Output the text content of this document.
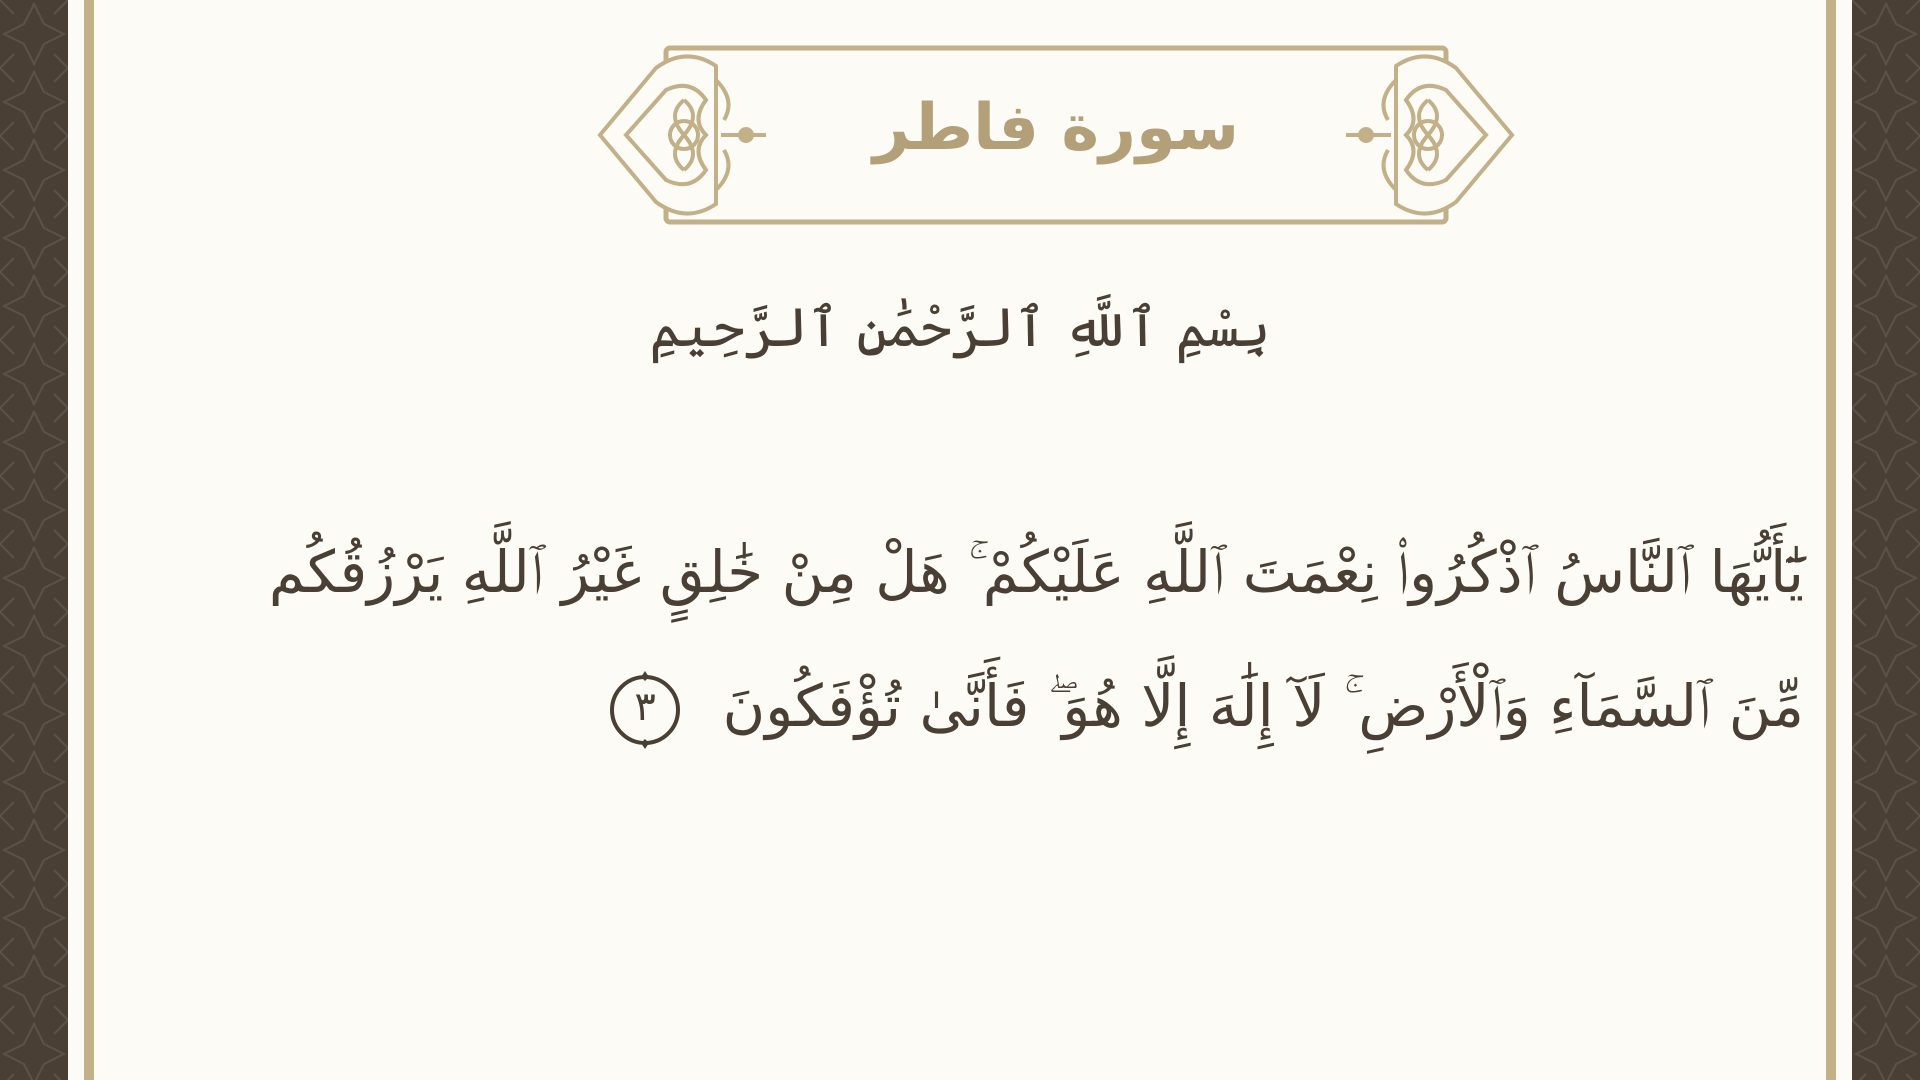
سورة فاطر
بِسْمِ ٱللَّهِ ٱلرَّحْمَٰنِ ٱلرَّحِيمِ
يَٰٓأَيُّهَا ٱلنَّاسُ ٱذْكُرُوا۟ نِعْمَتَ ٱللَّهِ عَلَيْكُمْ ۚ هَلْ مِنْ خَٰلِقٍ غَيْرُ ٱللَّهِ يَرْزُقُكُم مِّنَ ٱلسَّمَآءِ وَٱلْأَرْضِ ۚ لَآ إِلَٰهَ إِلَّا هُوَ ۖ فَأَنَّىٰ تُؤْفَكُونَ
٣
